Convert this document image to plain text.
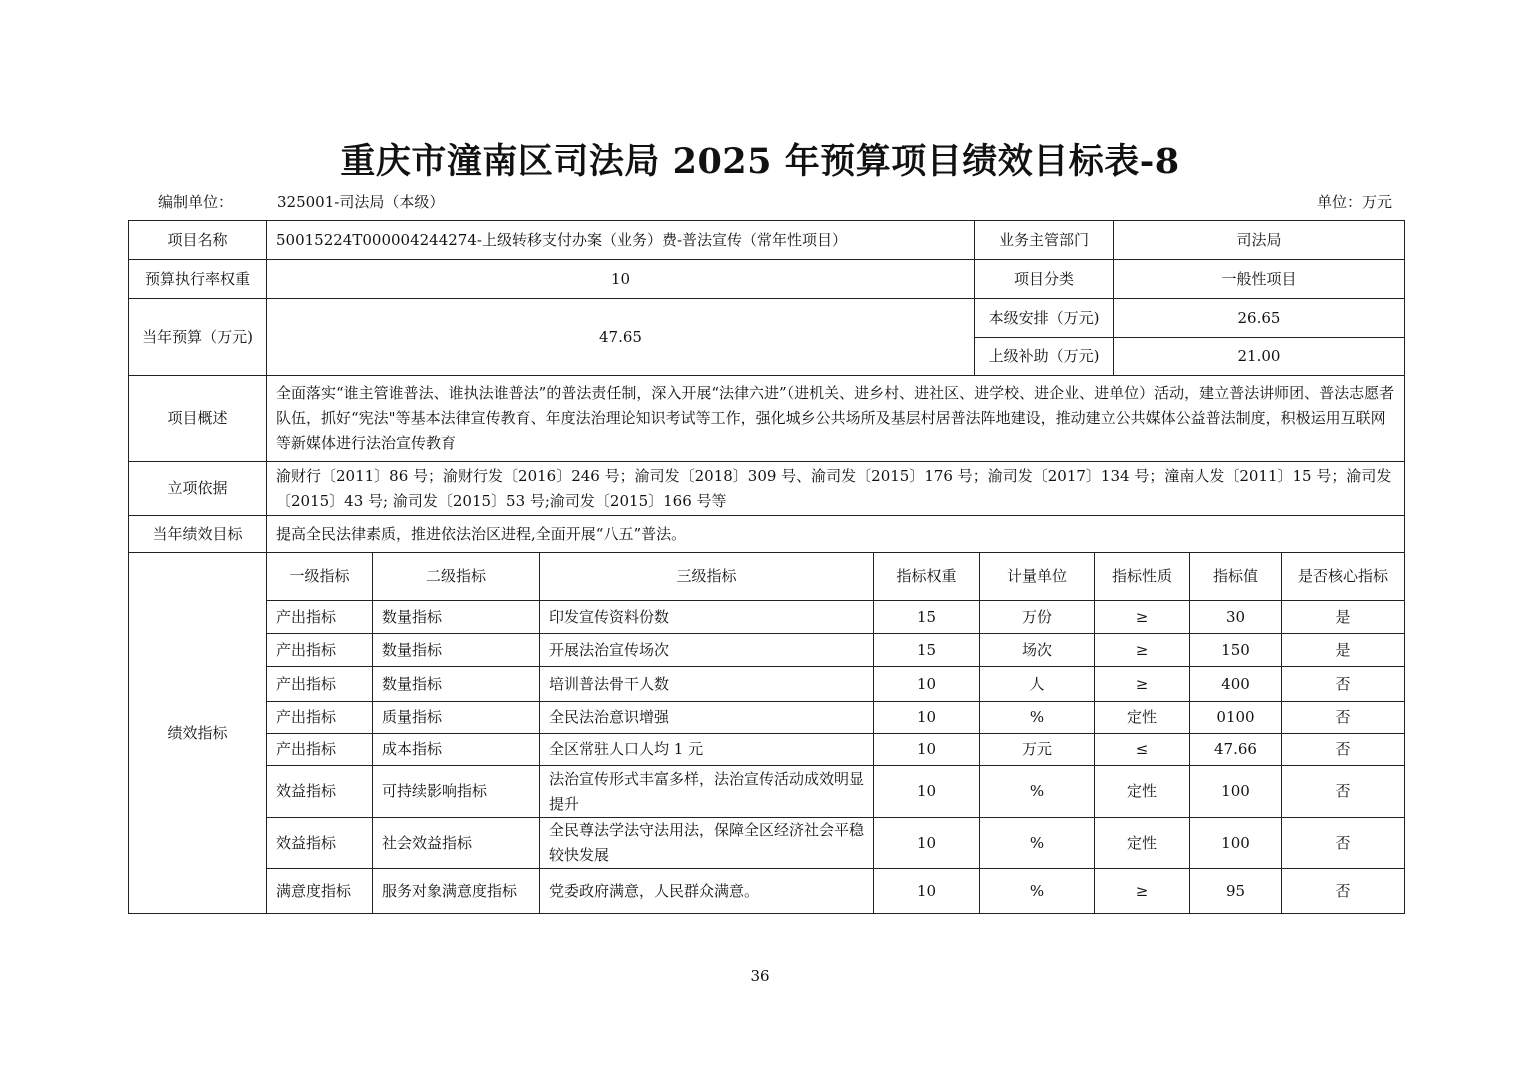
重庆市潼南区司法局 2025 年预算项目绩效目标表-8
编制单位：	325001-司法局（本级）	单位：万元
项目名称	50015224T000004244274-上级转移支付办案（业务）费-普法宣传（常年性项目）	业务主管部门	司法局
预算执行率权重	10	项目分类	一般性项目
当年预算（万元)	47.65	本级安排（万元)	26.65
		上级补助（万元)	21.00
项目概述	全面落实“谁主管谁普法、谁执法谁普法”的普法责任制，深入开展“法律六进”（进机关、进乡村、进社区、进学校、进企业、进单位）活动，建立普法讲师团、普法志愿者队伍，抓好“宪法"等基本法律宣传教育、年度法治理论知识考试等工作，强化城乡公共场所及基层村居普法阵地建设，推动建立公共媒体公益普法制度，积极运用互联网等新媒体进行法治宣传教育		
立项依据	渝财行〔2011〕86 号；渝财行发〔2016〕246 号；渝司发〔2018〕309 号、渝司发〔2015〕176 号；渝司发〔2017〕134 号；潼南人发〔2011〕15 号；渝司发〔2015〕43 号; 渝司发〔2015〕53 号;渝司发〔2015〕166 号等		
当年绩效目标	提高全民法律素质，推进依法治区进程,全面开展“八五”普法。		
绩效指标	一级指标	二级指标	三级指标	指标权重	计量单位	指标性质	指标值	是否核心指标
	产出指标	数量指标	印发宣传资料份数	15	万份	≥	30	是
	产出指标	数量指标	开展法治宣传场次	15	场次	≥	150	是
	产出指标	数量指标	培训普法骨干人数	10	人	≥	400	否
	产出指标	质量指标	全民法治意识增强	10	%	定性	0100	否
	产出指标	成本指标	全区常驻人口人均 1 元	10	万元	≤	47.66	否
	效益指标	可持续影响指标	法治宣传形式丰富多样，法治宣传活动成效明显提升	10	%	定性	100	否
	效益指标	社会效益指标	全民尊法学法守法用法，保障全区经济社会平稳较快发展	10	%	定性	100	否
	满意度指标	服务对象满意度指标	党委政府满意，人民群众满意。	10	%	≥	95	否
36
